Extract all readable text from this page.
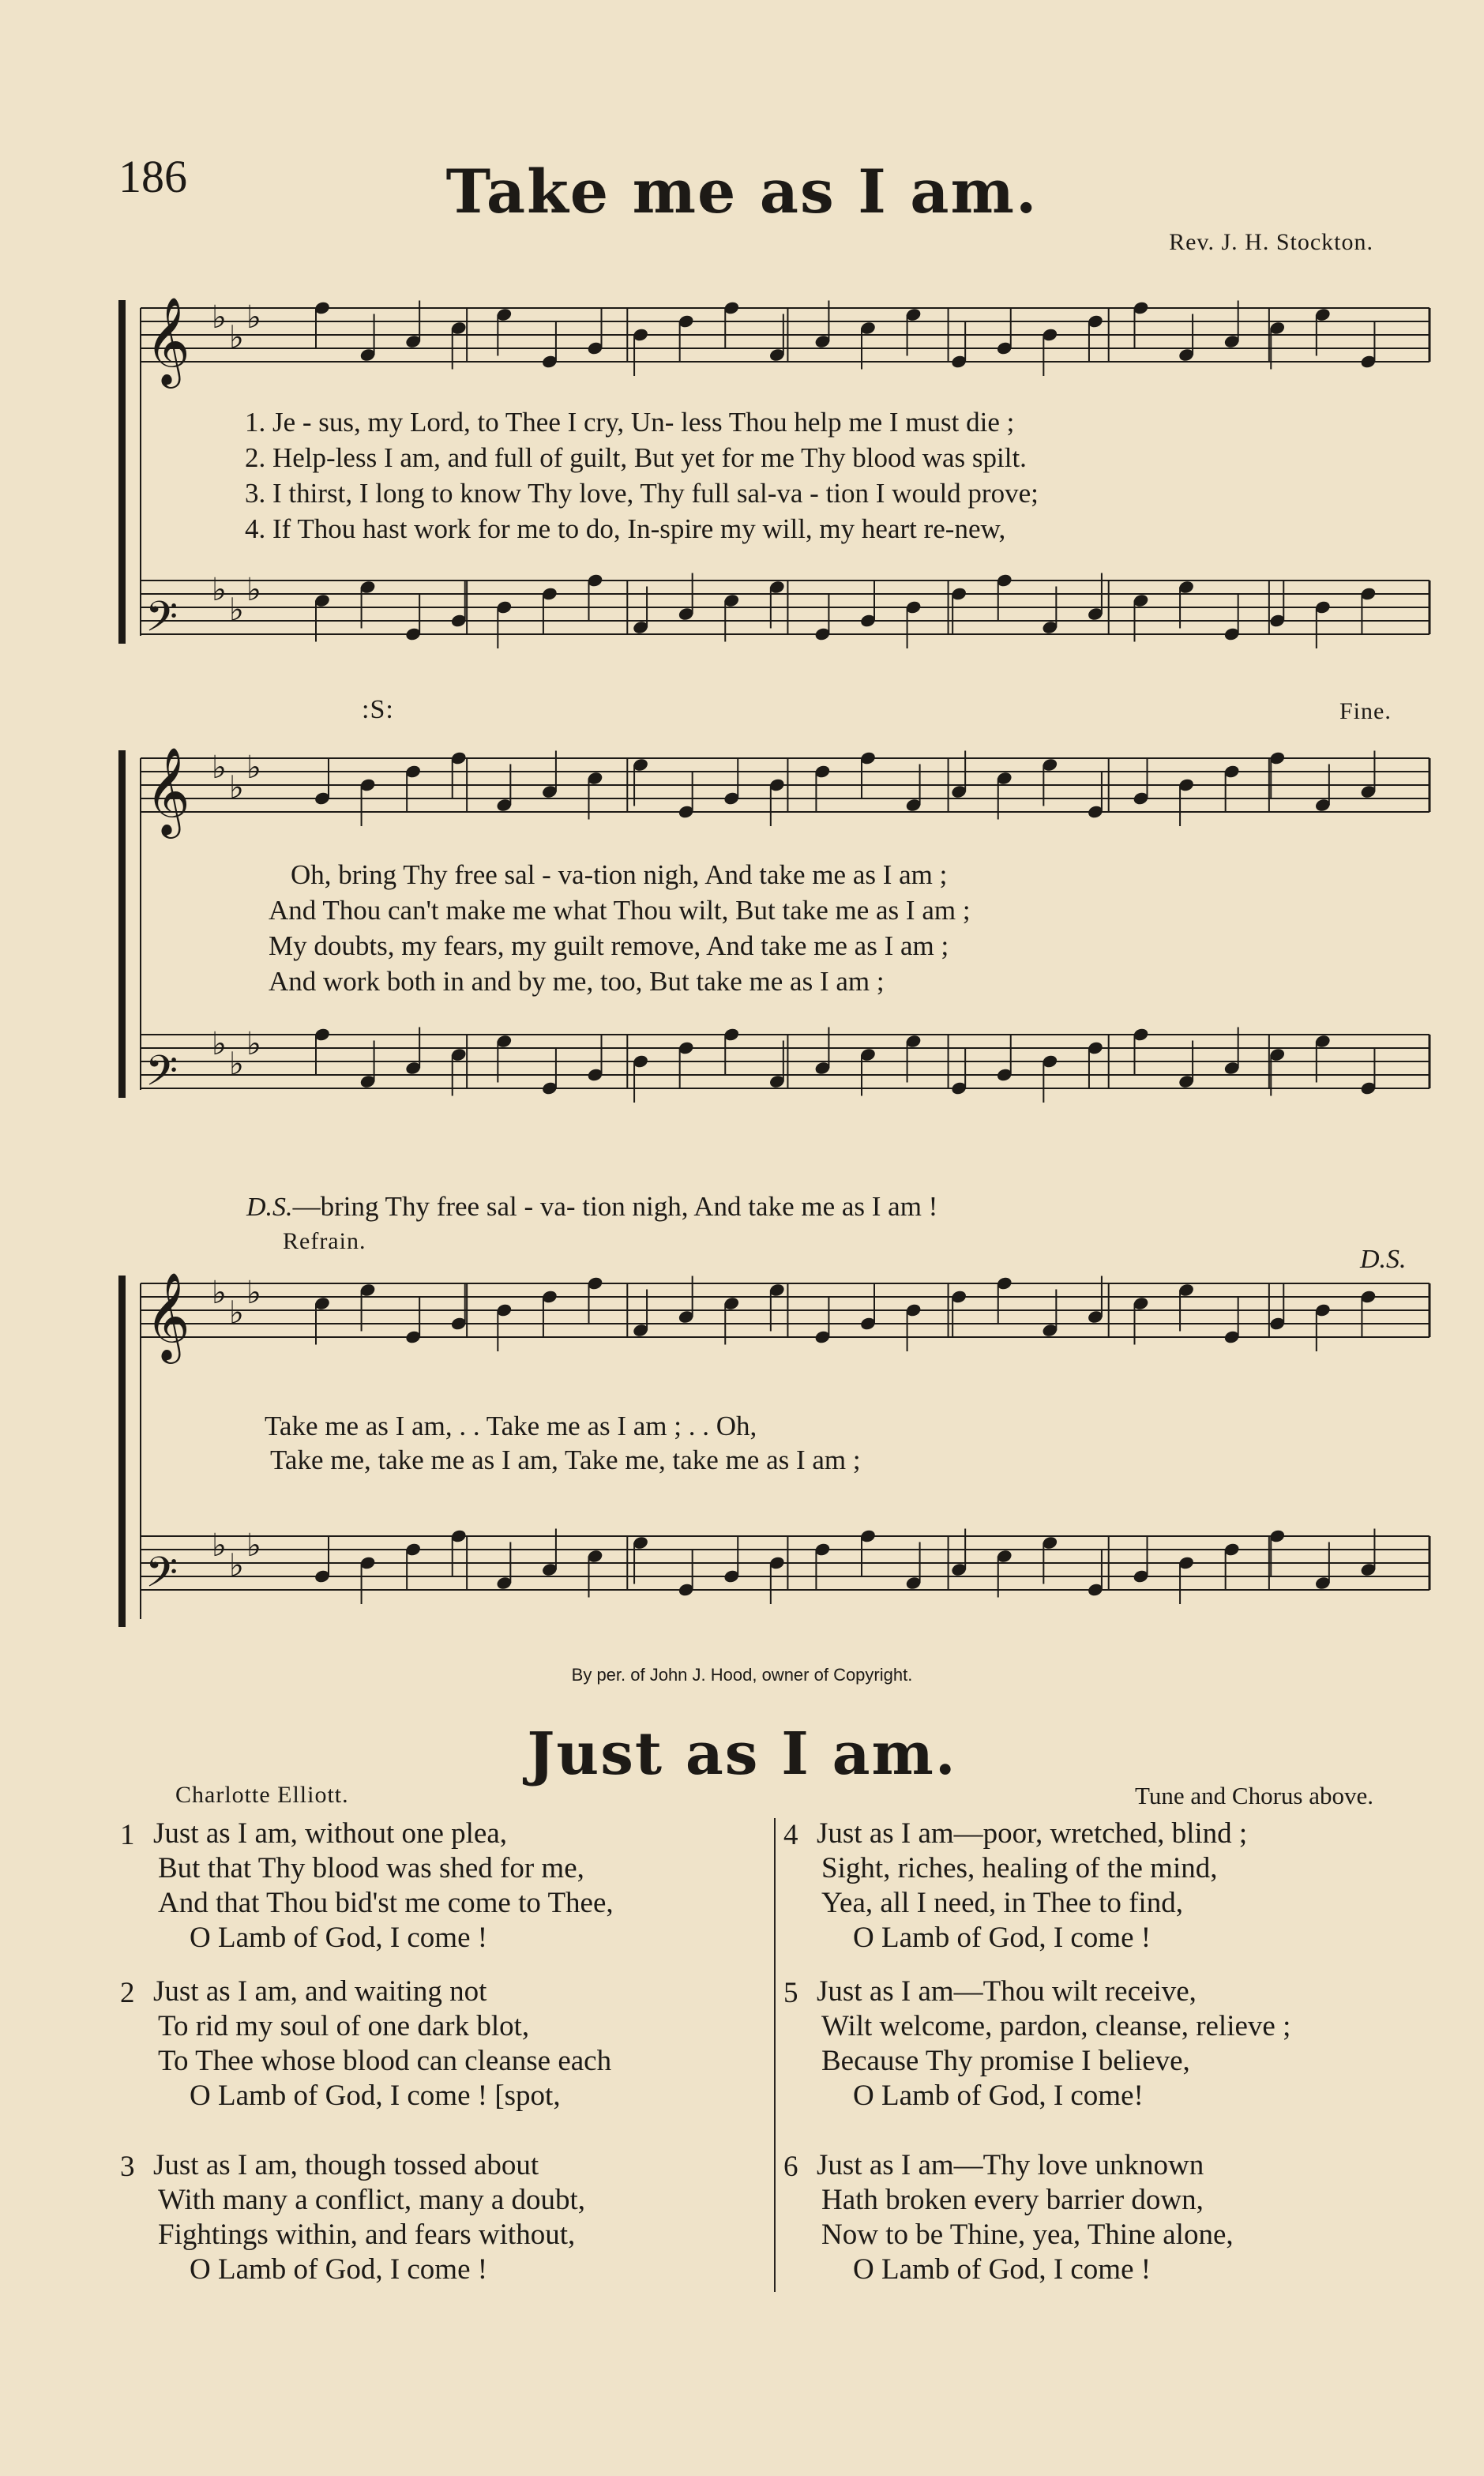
186	Take me as I am.
Rev. J. H. Stockton.
𝄞 ♭
♭
♭
𝄢
♭
♭
♭
𝄞 ♭
♭
♭
𝄢
♭
♭
♭
𝄞 ♭
♭
♭
𝄢
♭
♭
♭
1. Je - sus, my Lord, to Thee I cry, Un- less Thou help me I must die ;
2. Help-less I am, and full of guilt, But yet for me Thy blood was spilt.
3. I thirst, I long to know Thy love, Thy full sal-va - tion I would prove;
4. If Thou hast work for me to do, In-spire my will, my heart re-new,
:S:	Fine.
Oh, bring Thy free sal - va-tion nigh, And take me as I am ;
And Thou can't make me what Thou wilt, But take me as I am ;
My doubts, my fears, my guilt remove, And take me as I am ;
And work both in and by me, too, But take me as I am ;
D.S.—bring Thy free sal - va- tion nigh, And take me as I am !
Refrain.
D.S.
Take me as I am, . . Take me as I am ; . . Oh,
Take me, take me as I am, Take me, take me as I am ;
By per. of John J. Hood, owner of Copyright.
Just as I am.
Charlotte Elliott.	Tune and Chorus above.
1 Just as I am, without one plea,
But that Thy blood was shed for me,
And that Thou bid'st me come to Thee,
O Lamb of God, I come !
2 Just as I am, and waiting not
To rid my soul of one dark blot,
To Thee whose blood can cleanse each
O Lamb of God, I come ! [spot,
3 Just as I am, though tossed about
With many a conflict, many a doubt,
Fightings within, and fears without,
O Lamb of God, I come !
4 Just as I am—poor, wretched, blind ;
Sight, riches, healing of the mind,
Yea, all I need, in Thee to find,
O Lamb of God, I come !
5 Just as I am—Thou wilt receive,
Wilt welcome, pardon, cleanse, relieve ;
Because Thy promise I believe,
O Lamb of God, I come!
6 Just as I am—Thy love unknown
Hath broken every barrier down,
Now to be Thine, yea, Thine alone,
O Lamb of God, I come !
